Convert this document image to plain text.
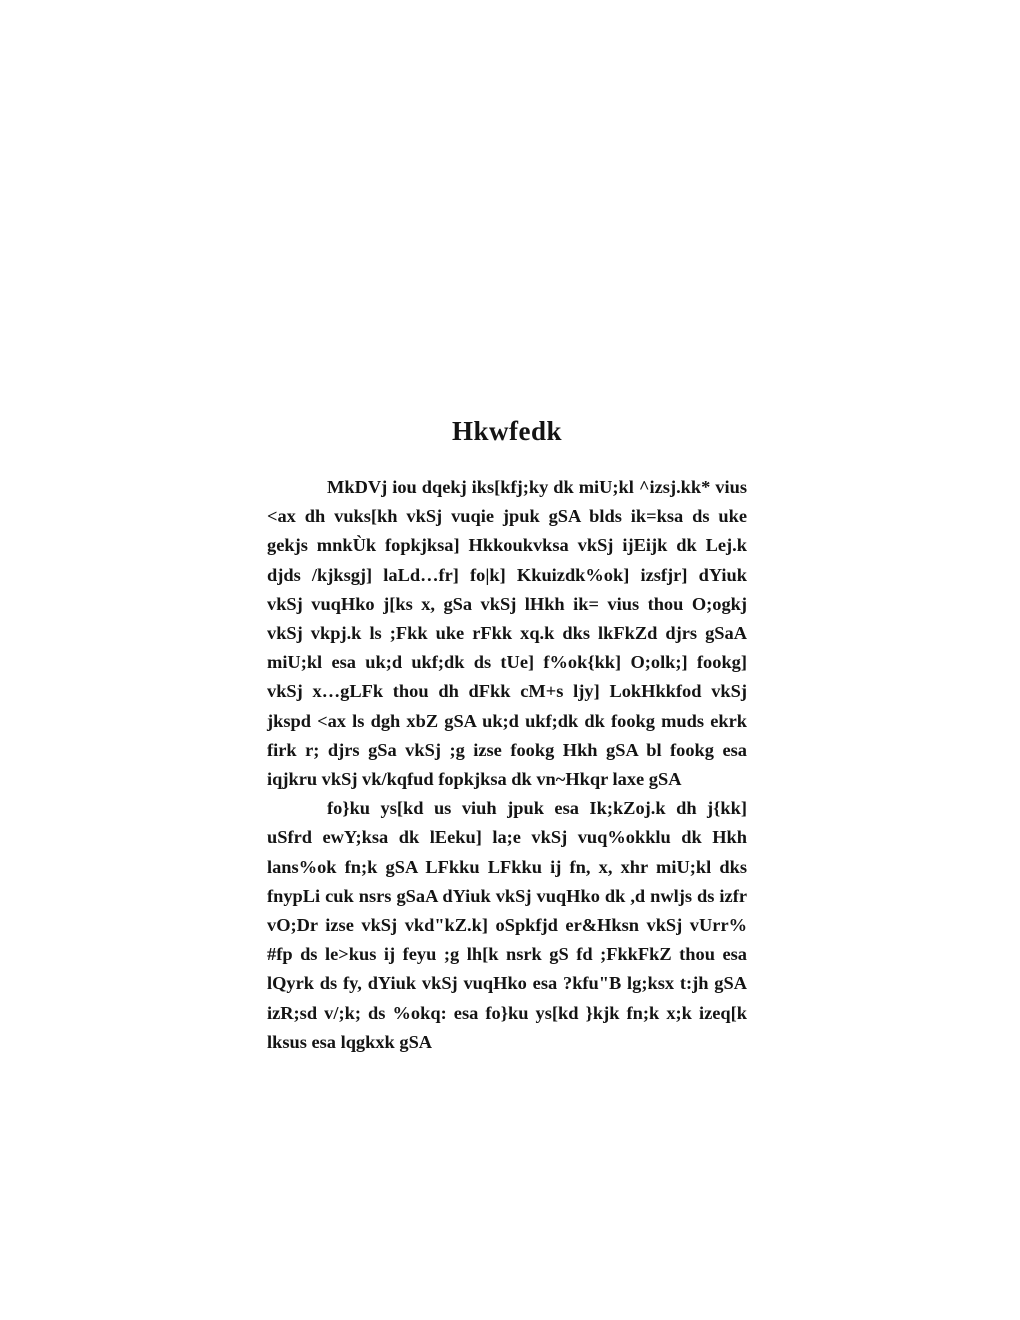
Hkwfedk

MkDVj iou dqekj iks[kfj;ky dk miU;kl ^izsj.kk* vius <ax dh vuks[kh vkSj vuqie jpuk gSA blds ik=ksa ds uke gekjs mnkÙk fopkjksa] Hkkoukvksa vkSj ijEijk dk Lej.k djds /kjksgj] laLd…fr] fo|k] Kkuizdk%ok] izsfjr] dYiuk vkSj vuqHko j[ks x, gSa vkSj lHkh ik= vius thou O;ogkj vkSj vkpj.k ls ;Fkk uke rFkk xq.k dks lkFkZd djrs gSaA miU;kl esa uk;d ukf;dk ds tUe] f%ok{kk] O;olk;] fookg] vkSj x…gLFk thou dh dFkk cM+s ljy] LokHkkfod vkSj jkspd <ax ls dgh xbZ gSA uk;d ukf;dk dk fookg muds ekrk firk r; djrs gSa vkSj ;g izse fookg Hkh gSA bl fookg esa iqjkru vkSj vk/kqfud fopkjksa dk vn~Hkqr laxe gSA

fo}ku ys[kd us viuh jpuk esa Ik;kZoj.k dh j{kk] uSfrd ewY;ksa dk lEeku] la;e vkSj vuq%okklu dk Hkh lans%ok fn;k gSA LFkku LFkku ij fn, x, xhr miU;kl dks fnypLi cuk nsrs gSaA dYiuk vkSj vuqHko dk ,d nwljs ds izfr vO;Dr izse vkSj vkd"kZ.k] oSpkfjd er&Hksn vkSj vUrr% #fp ds le>kus ij feyu ;g lh[k nsrk gS fd ;FkkFkZ thou esa lQyrk ds fy, dYiuk vkSj vuqHko esa ?kfu"B lg;ksx t:jh gSA izR;sd v/;k; ds %okq: esa fo}ku ys[kd }kjk fn;k x;k izeq[k lksus esa lqgkxk gSA
